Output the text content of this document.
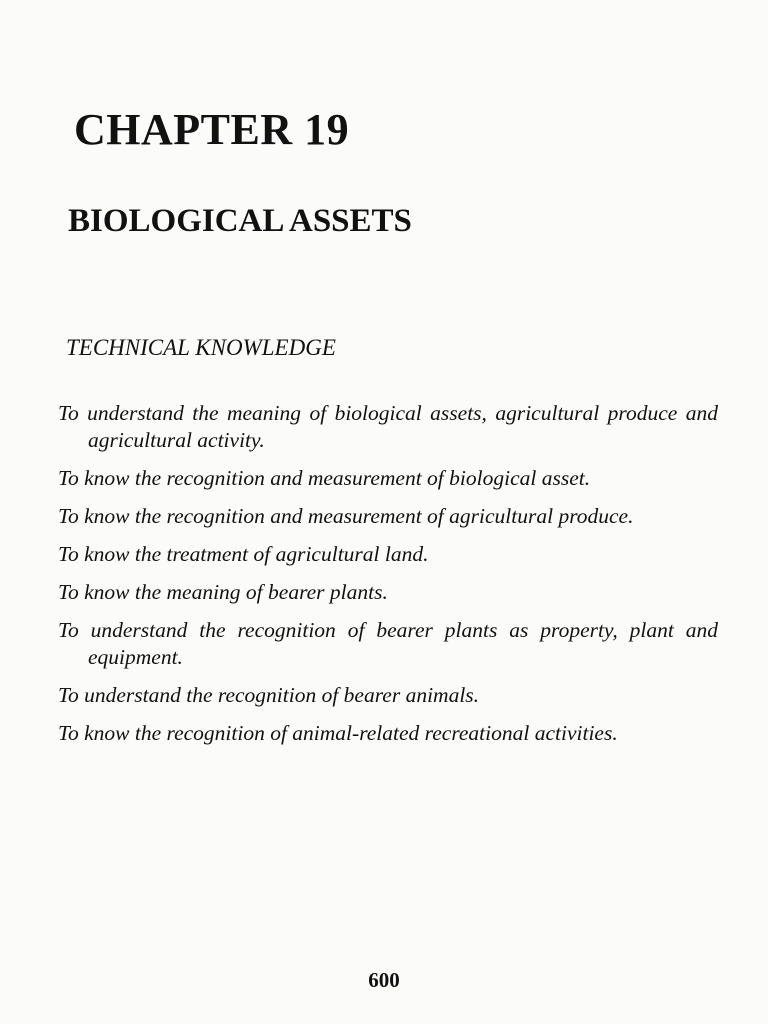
CHAPTER 19
BIOLOGICAL ASSETS
TECHNICAL KNOWLEDGE
To understand the meaning of biological assets, agricultural produce and agricultural activity.
To know the recognition and measurement of biological asset.
To know the recognition and measurement of agricultural produce.
To know the treatment of agricultural land.
To know the meaning of bearer plants.
To understand the recognition of bearer plants as property, plant and equipment.
To understand the recognition of bearer animals.
To know the recognition of animal-related recreational activities.
600
